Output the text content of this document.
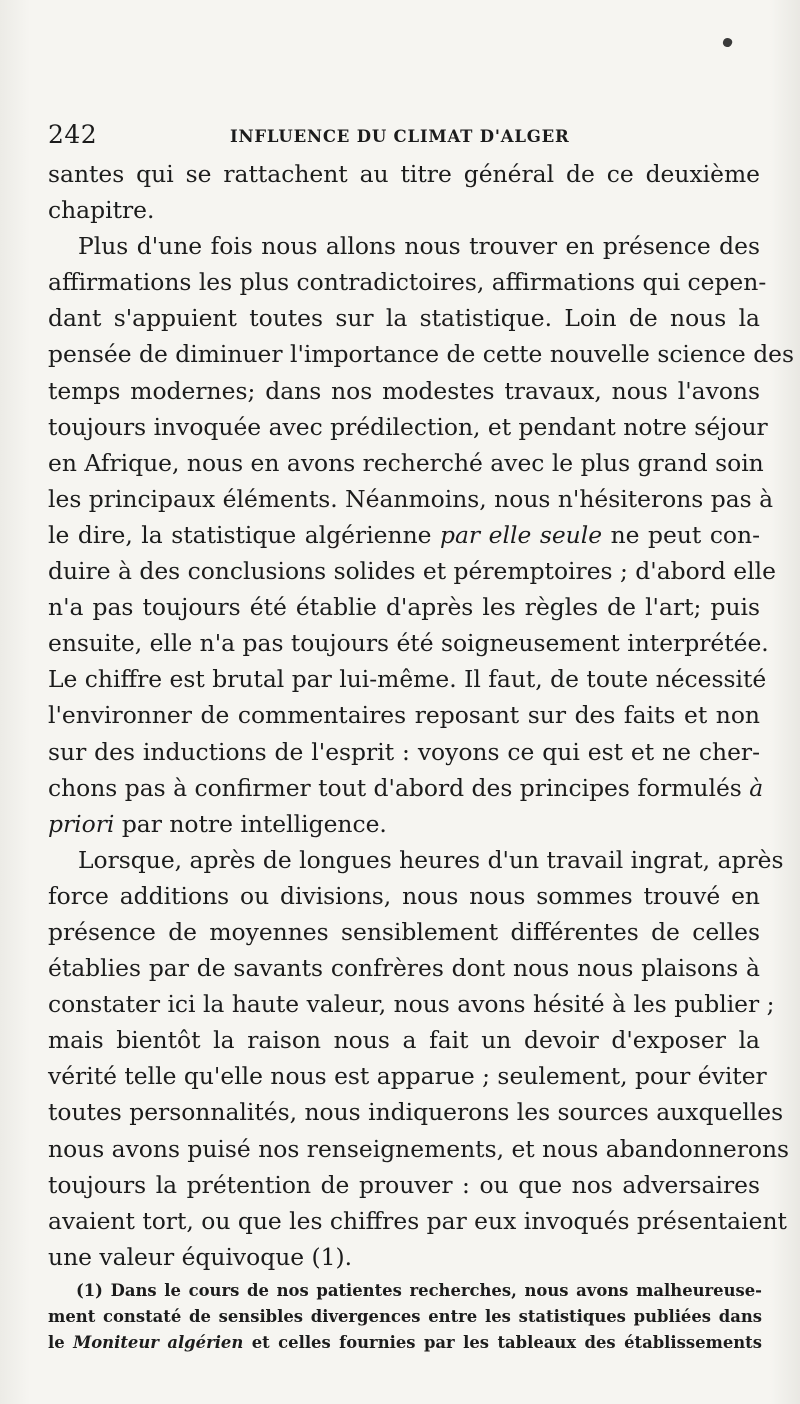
242	INFLUENCE DU CLIMAT D'ALGER
santes qui se rattachent au titre général de ce deuxième
chapitre.
Plus d'une fois nous allons nous trouver en présence des
affirmations les plus contradictoires, affirmations qui cepen-
dant s'appuient toutes sur la statistique. Loin de nous la
pensée de diminuer l'importance de cette nouvelle science des
temps modernes; dans nos modestes travaux, nous l'avons
toujours invoquée avec prédilection, et pendant notre séjour
en Afrique, nous en avons recherché avec le plus grand soin
les principaux éléments. Néanmoins, nous n'hésiterons pas à
le dire, la statistique algérienne par elle seule ne peut con-
duire à des conclusions solides et péremptoires ; d'abord elle
n'a pas toujours été établie d'après les règles de l'art; puis
ensuite, elle n'a pas toujours été soigneusement interprétée.
Le chiffre est brutal par lui-même. Il faut, de toute nécessité
l'environner de commentaires reposant sur des faits et non
sur des inductions de l'esprit : voyons ce qui est et ne cher-
chons pas à confirmer tout d'abord des principes formulés à
priori par notre intelligence.
Lorsque, après de longues heures d'un travail ingrat, après
force additions ou divisions, nous nous sommes trouvé en
présence de moyennes sensiblement différentes de celles
établies par de savants confrères dont nous nous plaisons à
constater ici la haute valeur, nous avons hésité à les publier ;
mais bientôt la raison nous a fait un devoir d'exposer la
vérité telle qu'elle nous est apparue ; seulement, pour éviter
toutes personnalités, nous indiquerons les sources auxquelles
nous avons puisé nos renseignements, et nous abandonnerons
toujours la prétention de prouver : ou que nos adversaires
avaient tort, ou que les chiffres par eux invoqués présentaient
une valeur équivoque (1).
(1) Dans le cours de nos patientes recherches, nous avons malheureuse-
ment constaté de sensibles divergences entre les statistiques publiées dans
le Moniteur algérien et celles fournies par les tableaux des établissements
